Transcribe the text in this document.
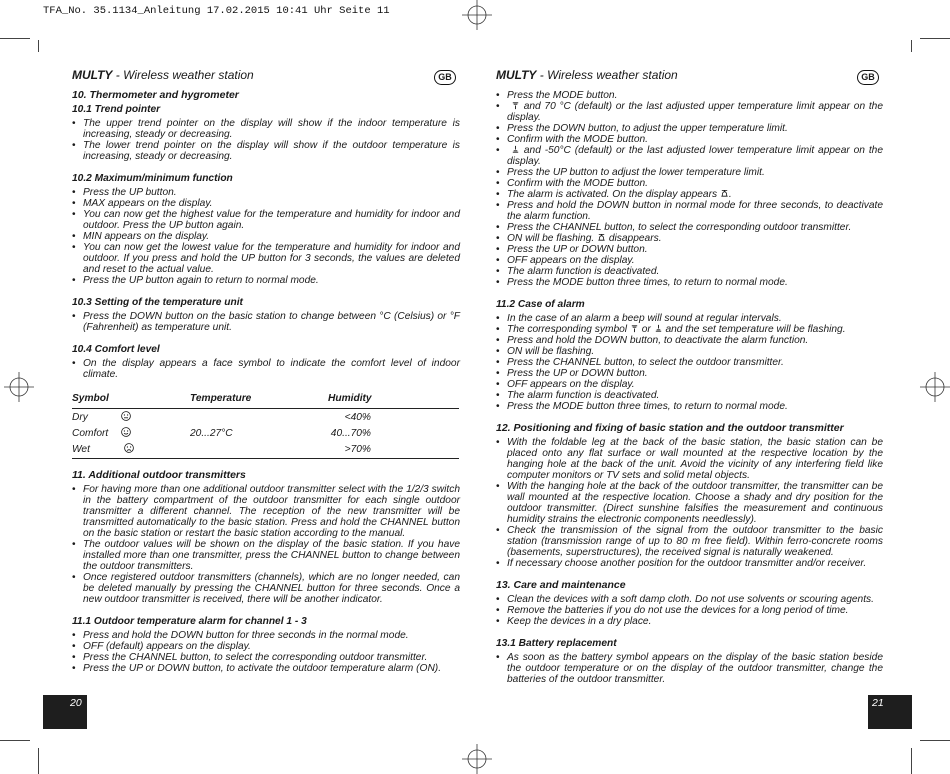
TFA_No. 35.1134_Anleitung 17.02.2015 10:41 Uhr Seite 11
MULTY - Wireless weather station	GB
10. Thermometer and hygrometer
10.1 Trend pointer
• The upper trend pointer on the display will show if the indoor temperature is increasing, steady or decreasing.
• The lower trend pointer on the display will show if the outdoor temperature is increasing, steady or decreasing.
10.2 Maximum/minimum function
• Press the UP button.
• MAX appears on the display.
• You can now get the highest value for the temperature and humidity for indoor and outdoor. Press the UP button again.
• MIN appears on the display.
• You can now get the lowest value for the temperature and humidity for indoor and outdoor. If you press and hold the UP button for 3 seconds, the values are deleted and reset to the actual value.
• Press the UP button again to return to normal mode.
10.3 Setting of the temperature unit
• Press the DOWN button on the basic station to change between °C (Celsius) or °F (Fahrenheit) as temperature unit.
10.4 Comfort level
• On the display appears a face symbol to indicate the comfort level of indoor climate.
Symbol	Temperature	Humidity
Dry		<40%
Comfort	20...27°C	40...70%
Wet		>70%
11. Additional outdoor transmitters
• For having more than one additional outdoor transmitter select with the 1/2/3 switch in the battery compartment of the outdoor transmitter for each single outdoor transmitter a different channel. The reception of the new transmitter will be transmitted automatically to the basic station. Press and hold the CHANNEL button on the basic station or restart the basic station according to the manual.
• The outdoor values will be shown on the display of the basic station. If you have installed more than one transmitter, press the CHANNEL button to change between the outdoor transmitters.
• Once registered outdoor transmitters (channels), which are no longer needed, can be deleted manually by pressing the CHANNEL button for three seconds. Once a new outdoor transmitter is received, there will be another indicator.
11.1 Outdoor temperature alarm for channel 1 - 3
• Press and hold the DOWN button for three seconds in the normal mode.
• OFF (default) appears on the display.
• Press the CHANNEL button, to select the corresponding outdoor transmitter.
• Press the UP or DOWN button, to activate the outdoor temperature alarm (ON).
20
MULTY - Wireless weather station	GB
• Press the MODE button.
• and 70 °C (default) or the last adjusted upper temperature limit appear on the display.
• Press the DOWN button, to adjust the upper temperature limit.
• Confirm with the MODE button.
• and -50°C (default) or the last adjusted lower temperature limit appear on the display.
• Press the UP button to adjust the lower temperature limit.
• Confirm with the MODE button.
• The alarm is activated. On the display appears .
• Press and hold the DOWN button in normal mode for three seconds, to deactivate the alarm function.
• Press the CHANNEL button, to select the corresponding outdoor transmitter.
• ON will be flashing.  disappears.
• Press the UP or DOWN button.
• OFF appears on the display.
• The alarm function is deactivated.
• Press the MODE button three times, to return to normal mode.
11.2 Case of alarm
• In the case of an alarm a beep will sound at regular intervals.
• The corresponding symbol  or  and the set temperature will be flashing.
• Press and hold the DOWN button, to deactivate the alarm function.
• ON will be flashing.
• Press the CHANNEL button, to select the outdoor transmitter.
• Press the UP or DOWN button.
• OFF appears on the display.
• The alarm function is deactivated.
• Press the MODE button three times, to return to normal mode.
12. Positioning and fixing of basic station and the outdoor transmitter
• With the foldable leg at the back of the basic station, the basic station can be placed onto any flat surface or wall mounted at the respective location by the hanging hole at the back of the unit. Avoid the vicinity of any interfering field like computer monitors or TV sets and solid metal objects.
• With the hanging hole at the back of the outdoor transmitter, the transmitter can be wall mounted at the respective location. Choose a shady and dry position for the outdoor transmitter. (Direct sunshine falsifies the measurement and continuous humidity strains the electronic components needlessly).
• Check the transmission of the signal from the outdoor transmitter to the basic station (transmission range of up to 80 m free field). Within ferro-concrete rooms (basements, superstructures), the received signal is naturally weakened.
• If necessary choose another position for the outdoor transmitter and/or receiver.
13. Care and maintenance
• Clean the devices with a soft damp cloth. Do not use solvents or scouring agents.
• Remove the batteries if you do not use the devices for a long period of time.
• Keep the devices in a dry place.
13.1 Battery replacement
• As soon as the battery symbol appears on the display of the basic station beside the outdoor temperature or on the display of the outdoor transmitter, change the batteries of the outdoor transmitter.
21
